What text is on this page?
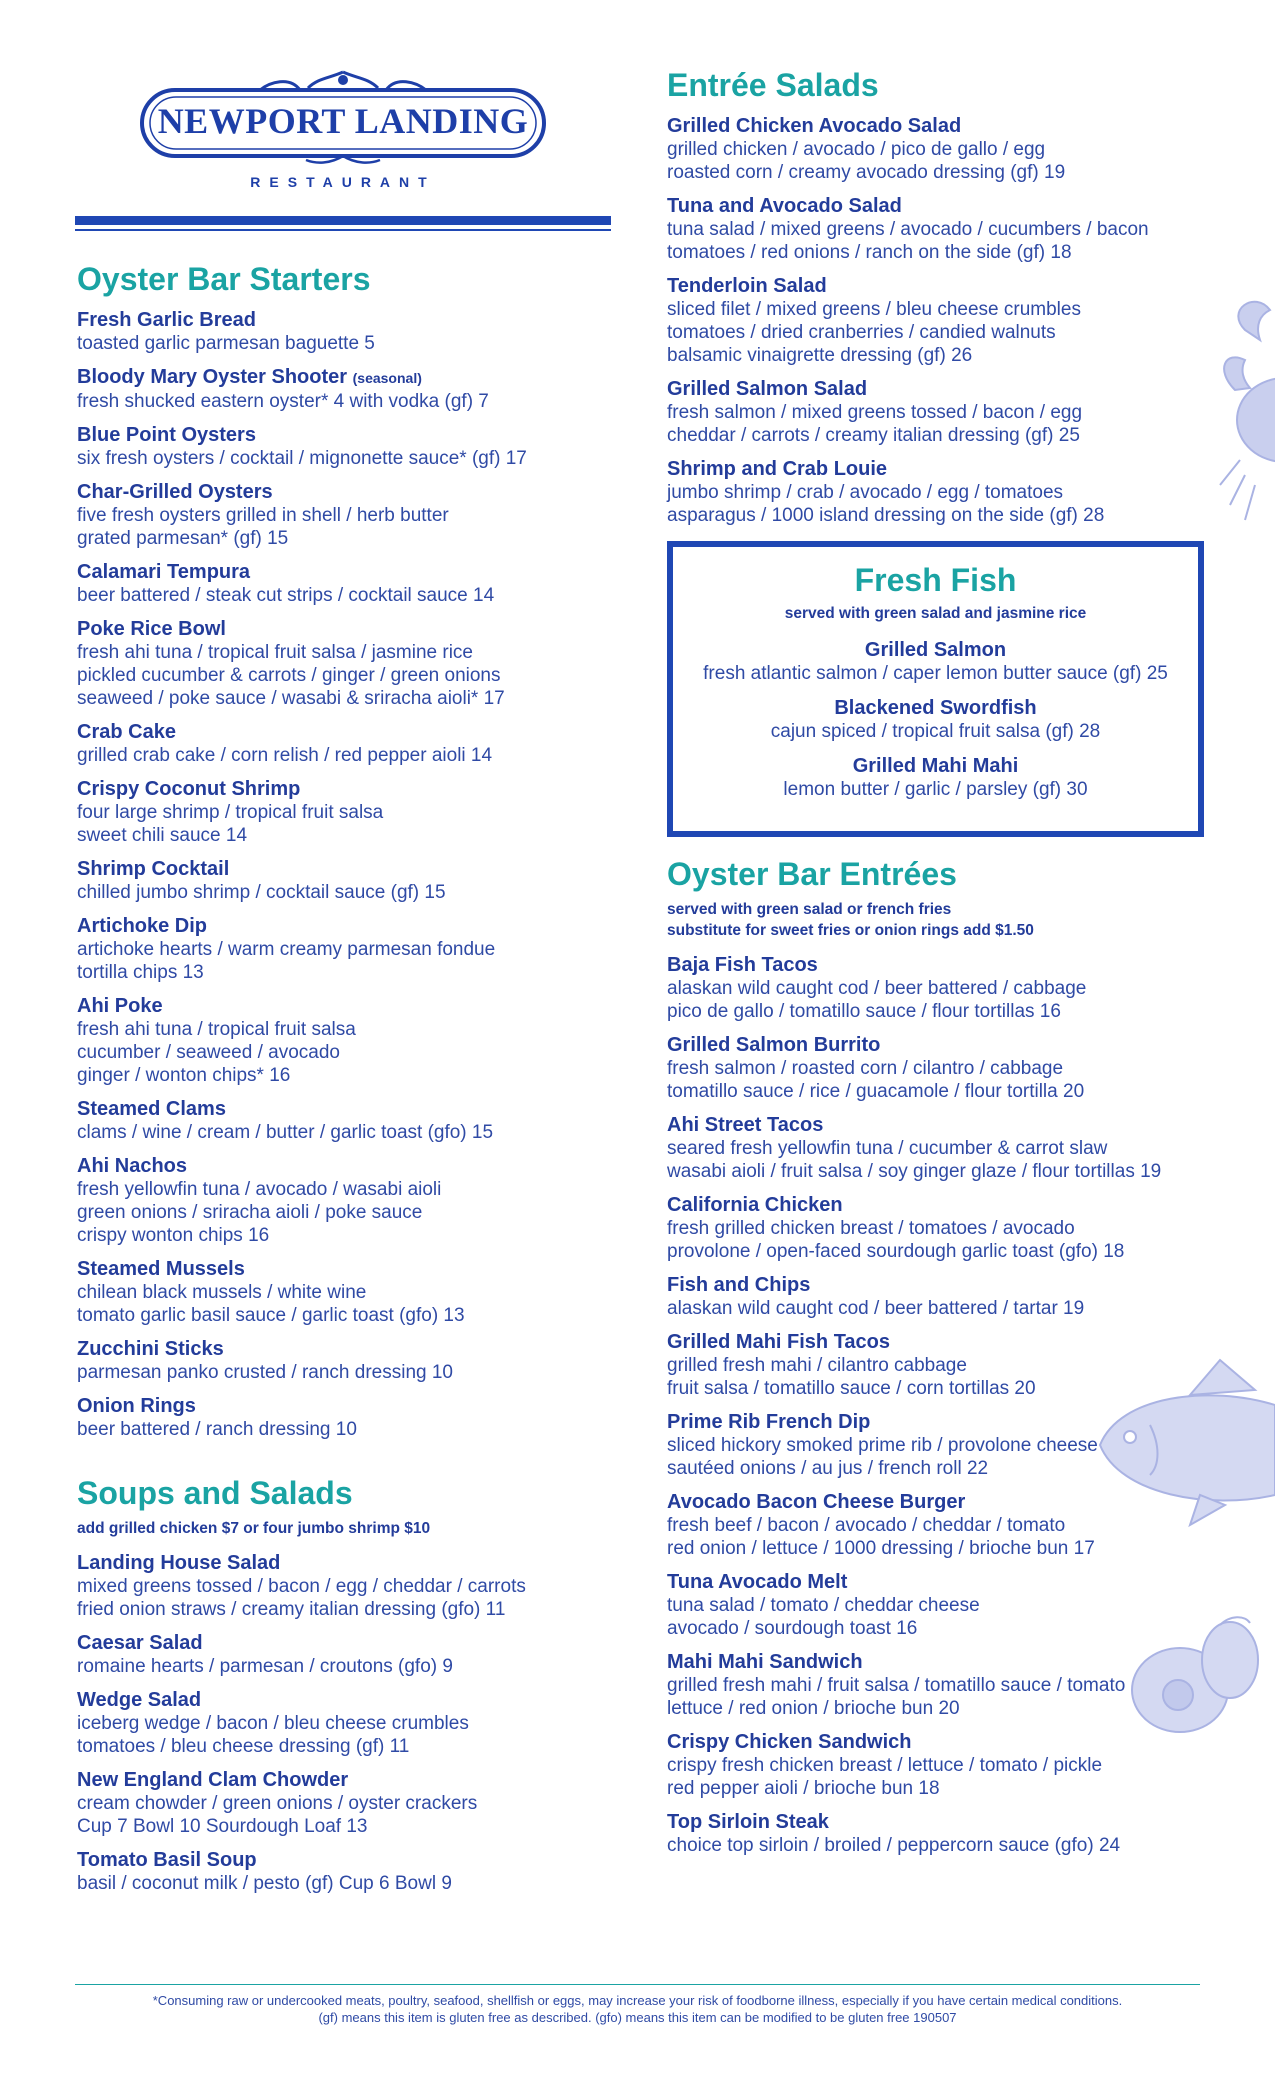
NEWPORT LANDING
RESTAURANT
Oyster Bar Starters
Fresh Garlic Bread
toasted garlic parmesan baguette 5
Bloody Mary Oyster Shooter (seasonal)
fresh shucked eastern oyster* 4 with vodka (gf) 7
Blue Point Oysters
six fresh oysters / cocktail / mignonette sauce* (gf) 17
Char-Grilled Oysters
five fresh oysters grilled in shell / herb butter
grated parmesan* (gf) 15
Calamari Tempura
beer battered / steak cut strips / cocktail sauce 14
Poke Rice Bowl
fresh ahi tuna / tropical fruit salsa / jasmine rice
pickled cucumber & carrots / ginger / green onions
seaweed / poke sauce / wasabi & sriracha aioli* 17
Crab Cake
grilled crab cake / corn relish / red pepper aioli 14
Crispy Coconut Shrimp
four large shrimp / tropical fruit salsa
sweet chili sauce 14
Shrimp Cocktail
chilled jumbo shrimp / cocktail sauce (gf) 15
Artichoke Dip
artichoke hearts / warm creamy parmesan fondue
tortilla chips 13
Ahi Poke
fresh ahi tuna / tropical fruit salsa
cucumber / seaweed / avocado
ginger / wonton chips* 16
Steamed Clams
clams / wine / cream / butter / garlic toast (gfo) 15
Ahi Nachos
fresh yellowfin tuna / avocado / wasabi aioli
green onions / sriracha aioli / poke sauce
crispy wonton chips 16
Steamed Mussels
chilean black mussels / white wine
tomato garlic basil sauce / garlic toast (gfo) 13
Zucchini Sticks
parmesan panko crusted / ranch dressing 10
Onion Rings
beer battered / ranch dressing 10
Soups and Salads
add grilled chicken $7 or four jumbo shrimp $10
Landing House Salad
mixed greens tossed / bacon / egg / cheddar / carrots
fried onion straws / creamy italian dressing (gfo) 11
Caesar Salad
romaine hearts / parmesan / croutons (gfo) 9
Wedge Salad
iceberg wedge / bacon / bleu cheese crumbles
tomatoes / bleu cheese dressing (gf) 11
New England Clam Chowder
cream chowder / green onions / oyster crackers
Cup 7 Bowl 10 Sourdough Loaf 13
Tomato Basil Soup
basil / coconut milk / pesto (gf) Cup 6 Bowl 9
Entrée Salads
Grilled Chicken Avocado Salad
grilled chicken / avocado / pico de gallo / egg
roasted corn / creamy avocado dressing (gf) 19
Tuna and Avocado Salad
tuna salad / mixed greens / avocado / cucumbers / bacon
tomatoes / red onions / ranch on the side (gf) 18
Tenderloin Salad
sliced filet / mixed greens / bleu cheese crumbles
tomatoes / dried cranberries / candied walnuts
balsamic vinaigrette dressing (gf) 26
Grilled Salmon Salad
fresh salmon / mixed greens tossed / bacon / egg
cheddar / carrots / creamy italian dressing (gf) 25
Shrimp and Crab Louie
jumbo shrimp / crab / avocado / egg / tomatoes
asparagus / 1000 island dressing on the side (gf) 28
Fresh Fish
served with green salad and jasmine rice
Grilled Salmon
fresh atlantic salmon / caper lemon butter sauce (gf) 25
Blackened Swordfish
cajun spiced / tropical fruit salsa (gf) 28
Grilled Mahi Mahi
lemon butter / garlic / parsley (gf) 30
Oyster Bar Entrées
served with green salad or french fries
substitute for sweet fries or onion rings add $1.50
Baja Fish Tacos
alaskan wild caught cod / beer battered / cabbage
pico de gallo / tomatillo sauce / flour tortillas 16
Grilled Salmon Burrito
fresh salmon / roasted corn / cilantro / cabbage
tomatillo sauce / rice / guacamole / flour tortilla 20
Ahi Street Tacos
seared fresh yellowfin tuna / cucumber & carrot slaw
wasabi aioli / fruit salsa / soy ginger glaze / flour tortillas 19
California Chicken
fresh grilled chicken breast / tomatoes / avocado
provolone / open-faced sourdough garlic toast (gfo) 18
Fish and Chips
alaskan wild caught cod / beer battered / tartar 19
Grilled Mahi Fish Tacos
grilled fresh mahi / cilantro cabbage
fruit salsa / tomatillo sauce / corn tortillas 20
Prime Rib French Dip
sliced hickory smoked prime rib / provolone cheese
sautéed onions / au jus / french roll 22
Avocado Bacon Cheese Burger
fresh beef / bacon / avocado / cheddar / tomato
red onion / lettuce / 1000 dressing / brioche bun 17
Tuna Avocado Melt
tuna salad / tomato / cheddar cheese
avocado / sourdough toast 16
Mahi Mahi Sandwich
grilled fresh mahi / fruit salsa / tomatillo sauce / tomato
lettuce / red onion / brioche bun 20
Crispy Chicken Sandwich
crispy fresh chicken breast / lettuce / tomato / pickle
red pepper aioli / brioche bun 18
Top Sirloin Steak
choice top sirloin / broiled / peppercorn sauce (gfo) 24
*Consuming raw or undercooked meats, poultry, seafood, shellfish or eggs, may increase your risk of foodborne illness, especially if you have certain medical conditions.
(gf) means this item is gluten free as described. (gfo) means this item can be modified to be gluten free 190507
